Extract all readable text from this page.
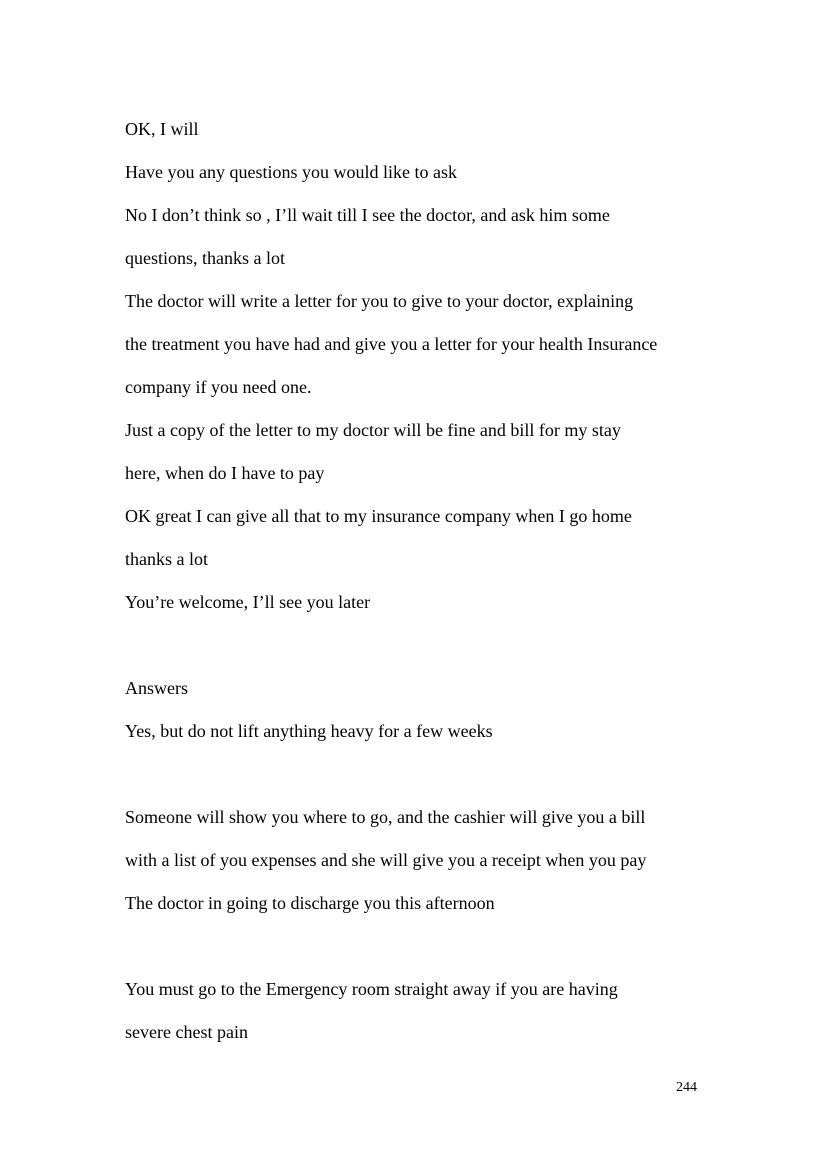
OK, I will
Have you any questions you would like to ask
No I don’t think so , I’ll wait till I see the doctor, and ask him some
questions, thanks a lot
The doctor will write a letter for you to give to your doctor, explaining
the treatment you have had and give you a letter for your health Insurance
company if you need one.
Just a copy of the letter to my doctor will be fine and bill for my stay
here, when do I have to pay
OK great I can give all that to my insurance company when I go home
thanks a lot
You’re welcome, I’ll see you later
Answers
Yes, but do not lift anything heavy for a few weeks
Someone will show you where to go, and the cashier will give you a bill
with a list of you expenses and she will give you a receipt when you pay
The doctor in going to discharge you this afternoon
You must go to the Emergency room straight away if you are having
severe chest pain
244
